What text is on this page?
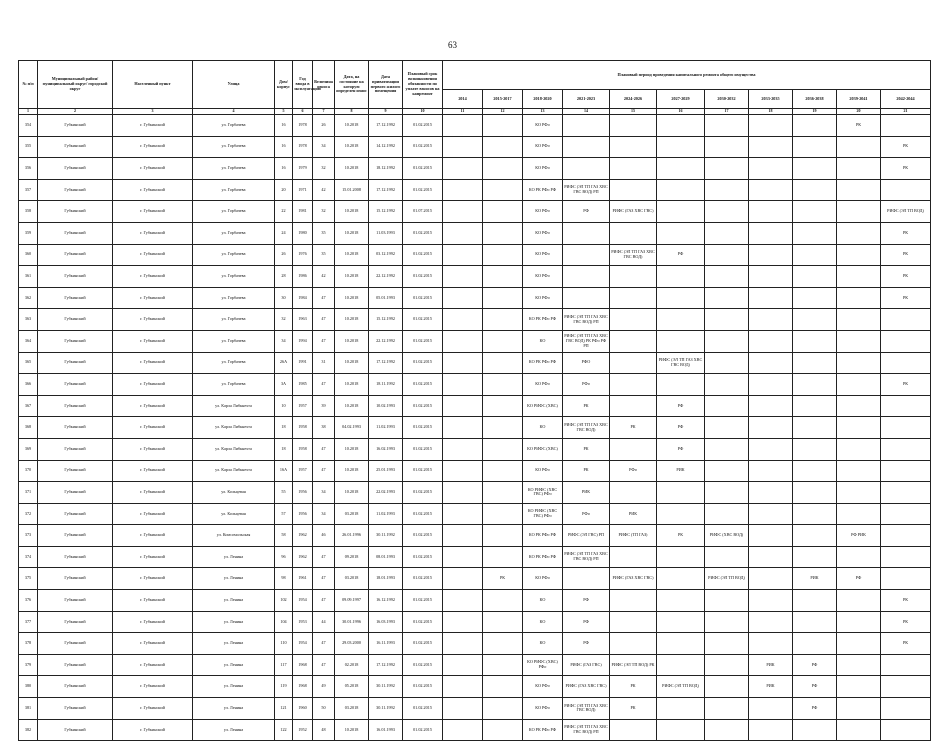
63
№ п/п	Муниципальный район/ муниципальный округ/ городской округ	Населенный пункт	Улица	Дом/ корпус	Год ввода в эксплуатацию	Величина износа	Дата, на состояние на которую определен износ	Дата приватизации первого жилого помещения	Плановый срок возникновения обязанности по уплате взносов на капремонт	Плановый период проведения капитального ремонта общего имущества										
										2014	2015-2017	2018-2020	2021-2023	2024-2026	2027-2029	2030-2032	2033-2035	2036-2038	2039-2041	2042-2044
1	2	3	4	5	6	7	8	9	10	11	12	13	14	15	16	17	18	19	20	21
354	Губкинский	г. Губкинский	ул. Горбачева	16	1978	26	10.2018	17.12.1992	01.02.2015			КО РФо							РК	
355	Губкинский	г. Губкинский	ул. Горбачева	16	1978	34	10.2018	14.12.1992	01.02.2015			КО РФо								РК
356	Губкинский	г. Губкинский	ул. Горбачева	16	1979	32	10.2018	18.12.1992	01.02.2015			КО РФо								РК
357	Губкинский	г. Губкинский	ул. Горбачева	20	1971	42	15.01.2008	17.12.1992	01.02.2015			КО РК РФо РФ	РИФС (ЭЛ ТП ГАЗ ХВС ГВС ВОД) РП							
358	Губкинский	г. Губкинский	ул. Горбачева	22	1981	32	10.2018	15.12.1992	01.07.2015			КО РФо	РФ	РИФС (ГАЗ ХВС ГВС)						РИФС (ЭЛ ТП ВОД)
359	Губкинский	г. Губкинский	ул. Горбачева	24	1980	35	10.2018	11.03.1993	01.02.2015			КО РФо								РК
360	Губкинский	г. Губкинский	ул. Горбачева	26	1976	35	10.2018	03.12.1992	01.02.2015			КО РФо		РИФС (ЭЛ ТП ГАЗ ХВС ГВС ВОД)	РФ					РК
361	Губкинский	г. Губкинский	ул. Горбачева	28	1986	42	10.2018	22.12.1992	01.02.2015			КО РФо								РК
362	Губкинский	г. Губкинский	ул. Горбачева	30	1984	47	10.2018	05.01.1993	01.02.2015			КО РФо								РК
363	Губкинский	г. Губкинский	ул. Горбачева	32	1963	47	10.2018	15.12.1992	01.02.2015			КО РК РФо РФ	РИФС (ЭЛ ТП ГАЗ ХВС ГВС ВОД) РП							
364	Губкинский	г. Губкинский	ул. Горбачева	34	1994	47	10.2018	22.12.1992	01.02.2015			КО	РИФС (ЭЛ ТП ГАЗ ХВС ГВС ВОД) РК РФо РФ РП							
365	Губкинский	г. Губкинский	ул. Горбачева	26А	1991	31	10.2018	17.12.1992	01.02.2015			КО РК РФо РФ	РФО		РИФС (ЭЛ ТП ГАЗ ХВС ГВС ВОД)					
366	Губкинский	г. Губкинский	ул. Горбачева	3А	1985	47	10.2018	18.11.1992	01.02.2015			КО РФо	РФо							РК
367	Губкинский	г. Губкинский	ул. Карла Либкнехта	10	1957	39	10.2018	10.02.1993	01.02.2015			КО РИФС (ХВС)	РК		РФ					
368	Губкинский	г. Губкинский	ул. Карла Либкнехта	18	1958	38	04.02.1993	11.02.1993	01.02.2015			КО	РИФС (ЭЛ ТП ГАЗ ХВС ГВС ВОД)	РК	РФ					
369	Губкинский	г. Губкинский	ул. Карла Либкнехта	18	1958	47	10.2018	16.02.1993	01.02.2015			КО РИФС (ХВС)	РК		РФ					
370	Губкинский	г. Губкинский	ул. Карла Либкнехта	16А	1957	47	10.2018	25.01.1993	01.02.2015			КО РФо	РК	РФо	РИК					
371	Губкинский	г. Губкинский	ул. Кольцевая	55	1956	34	10.2018	22.02.1993	01.02.2015			КО РИФС (ХВС ГВС) РФо	РИК							
372	Губкинский	г. Губкинский	ул. Кольцевая	57	1956	34	03.2018	11.02.1993	01.02.2015			КО РИФС (ХВС ГВС) РФо	РФо	РИК						
373	Губкинский	г. Губкинский	ул. Комсомольская	58	1962	46	26.01.1996	30.11.1992	01.02.2015			КО РК РФо РФ	РИФС (ЭЛ ГВС) РП	РИФС (ТП ГАЗ)	РК	РИФС (ХВС ВОД)			РФ РИК	
374	Губкинский	г. Губкинский	ул. Ленина	96	1962	47	09.2018	08.01.1993	01.02.2015			КО РК РФо РФ	РИФС (ЭЛ ТП ГАЗ ХВС ГВС ВОД) РП							
375	Губкинский	г. Губкинский	ул. Ленина	98	1961	47	03.2018	18.01.1993	01.02.2015		РК	КО РФо		РИФС (ГАЗ ХВС ГВС)		РИФС (ЭЛ ТП ВОД)		РИК	РФ	
376	Губкинский	г. Губкинский	ул. Ленина	102	1954	47	09.09.1997	16.12.1992	01.02.2015			КО	РФ							РК
377	Губкинский	г. Губкинский	ул. Ленина	104	1953	44	30.01.1996	16.03.1993	01.02.2015			КО	РФ							РК
378	Губкинский	г. Губкинский	ул. Ленина	110	1954	47	29.03.2000	16.11.1993	01.02.2015			КО	РФ							РК
379	Губкинский	г. Губкинский	ул. Ленина	117	1968	47	02.2018	17.12.1992	01.02.2015			КО РИФС (ХВС) РФо	РИФС (ГАЗ ГВС)	РИФС (ЭЛ ТП ВОД) РК			РИК	РФ		
380	Губкинский	г. Губкинский	ул. Ленина	119	1968	49	05.2018	30.11.1992	01.02.2015			КО РФо	РИФС (ГАЗ ХВС ГВС)	РК	РИФС (ЭЛ ТП ВОД)		РИК	РФ		
381	Губкинский	г. Губкинский	ул. Ленина	121	1960	50	03.2018	30.11.1992	01.02.2015			КО РФо	РИФС (ЭЛ ТП ГАЗ ХВС ГВС ВОД)	РК				РФ		
382	Губкинский	г. Губкинский	ул. Ленина	122	1952	48	10.2018	16.01.1993	01.02.2015			КО РК РФо РФ	РИФС (ЭЛ ТП ГАЗ ХВС ГВС ВОД) РП							
